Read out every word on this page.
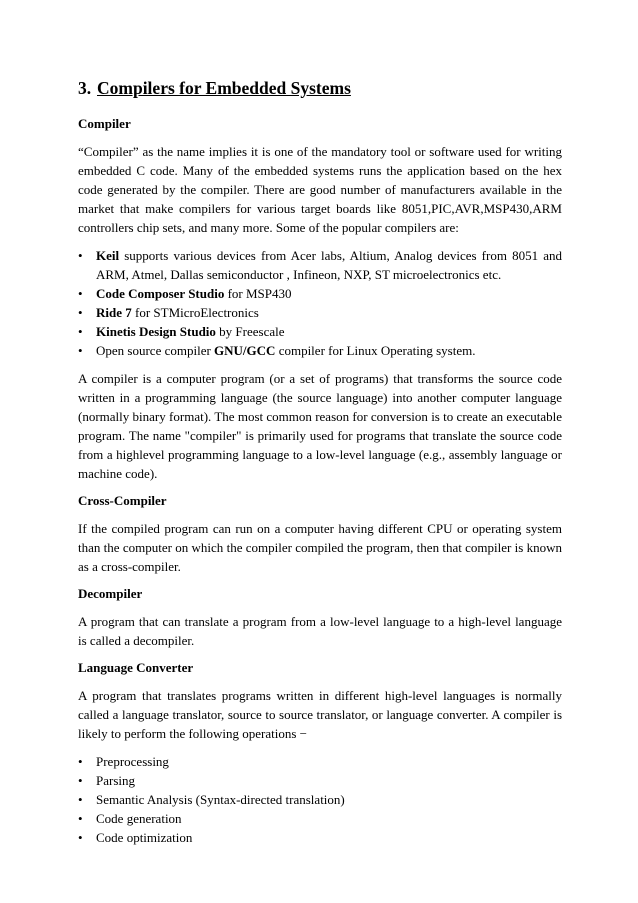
3. Compilers for Embedded Systems
Compiler

“Compiler” as the name implies it is one of the mandatory tool or software used for writing embedded C code. Many of the embedded systems runs the application based on the hex code generated by the compiler. There are good number of manufacturers available in the market that make compilers for various target boards like 8051,PIC,AVR,MSP430,ARM controllers chip sets, and many more. Some of the popular compilers are:

•	Keil supports various devices from Acer labs, Altium, Analog devices from 8051 and ARM, Atmel, Dallas semiconductor , Infineon, NXP, ST microelectronics etc.
•	Code Composer Studio for MSP430
•	Ride 7 for STMicroElectronics
•	Kinetis Design Studio by Freescale
•	Open source compiler GNU/GCC compiler for Linux Operating system.

A compiler is a computer program (or a set of programs) that transforms the source code written in a programming language (the source language) into another computer language (normally binary format). The most common reason for conversion is to create an executable program. The name "compiler" is primarily used for programs that translate the source code from a highlevel programming language to a low-level language (e.g., assembly language or machine code).

Cross-Compiler

If the compiled program can run on a computer having different CPU or operating system than the computer on which the compiler compiled the program, then that compiler is known as a cross-compiler.

Decompiler

A program that can translate a program from a low-level language to a high-level language is called a decompiler.

Language Converter

A program that translates programs written in different high-level languages is normally called a language translator, source to source translator, or language converter. A compiler is likely to perform the following operations −

•	Preprocessing
•	Parsing
•	Semantic Analysis (Syntax-directed translation)
•	Code generation
•	Code optimization
